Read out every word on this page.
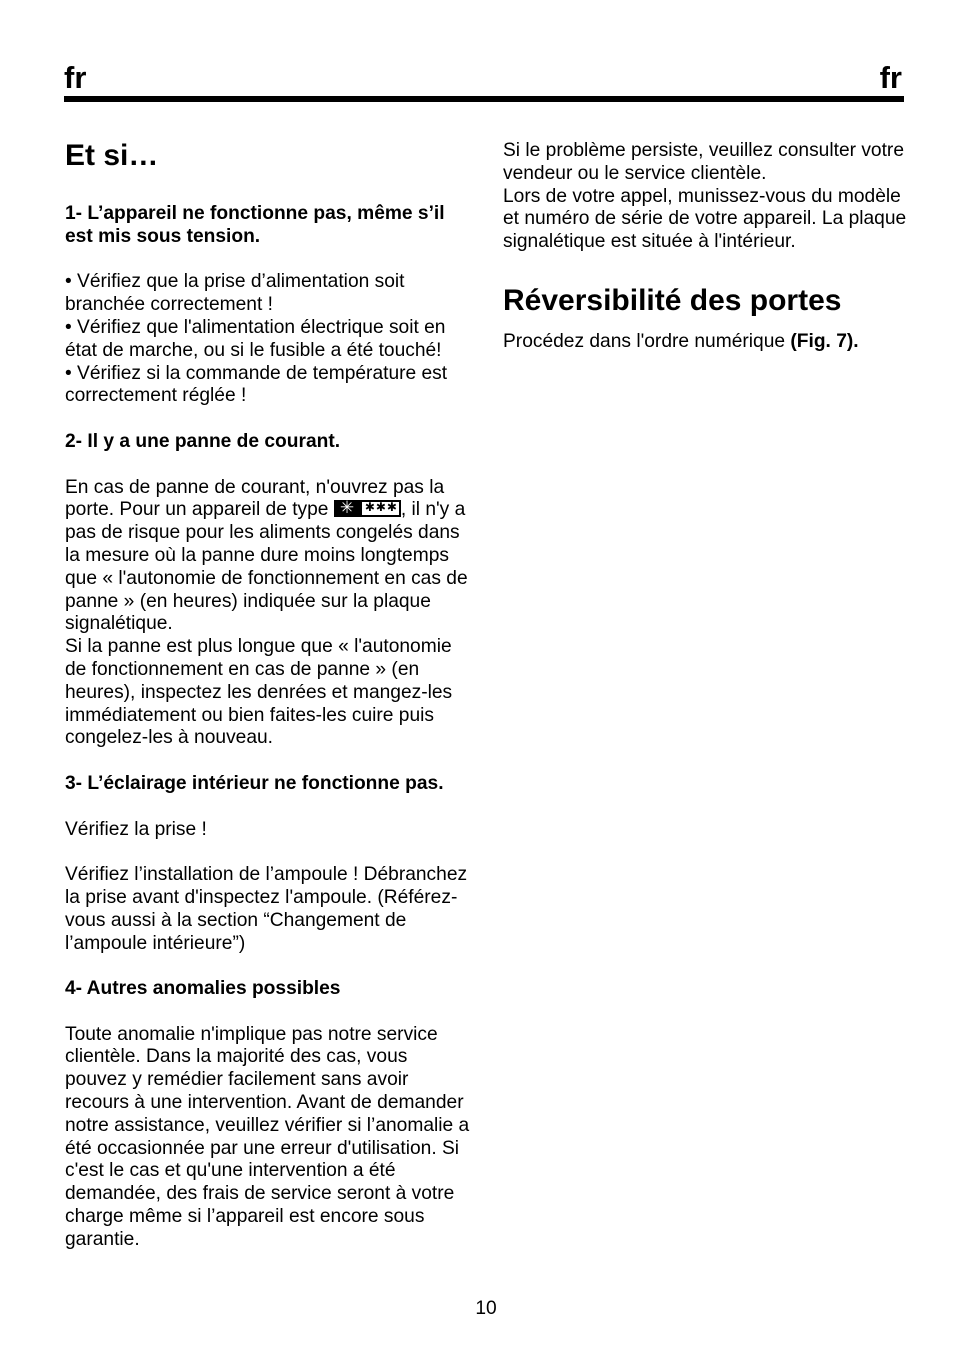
fr	fr
Et si…

1- L’appareil ne fonctionne pas, même s’il est mis sous tension.

• Vérifiez que la prise d’alimentation soit branchée correctement !

• Vérifiez que l'alimentation électrique soit en état de marche, ou si le fusible a été touché!

• Vérifiez si la commande de température est correctement réglée !

2- Il y a une panne de courant.

En cas de panne de courant, n'ouvrez pas la porte. Pour un appareil de type ✳ ✱✱✱ , il n'y a pas de risque pour les aliments congelés dans la mesure où la panne dure moins longtemps que « l'autonomie de fonctionnement en cas de panne » (en heures) indiquée sur la plaque signalétique.

Si la panne est plus longue que « l'autonomie de fonctionnement en cas de panne » (en heures), inspectez les denrées et mangez-les immédiatement ou bien faites-les cuire puis congelez-les à nouveau.

3- L’éclairage intérieur ne fonctionne pas.

Vérifiez la prise !

Vérifiez l’installation de l’ampoule ! Débranchez la prise avant d'inspectez l'ampoule. (Référez-vous aussi à la section “Changement de l’ampoule intérieure”)

4- Autres anomalies possibles

Toute anomalie n'implique pas notre service clientèle. Dans la majorité des cas, vous pouvez y remédier facilement sans avoir recours à une intervention. Avant de demander notre assistance, veuillez vérifier si l’anomalie a été occasionnée par une erreur d'utilisation. Si c'est le cas et qu'une intervention a été demandée, des frais de service seront à votre charge même si l’appareil est encore sous garantie.

Si le problème persiste, veuillez consulter votre vendeur ou le service clientèle.

Lors de votre appel, munissez-vous du modèle et numéro de série de votre appareil. La plaque signalétique est située à l'intérieur.

Réversibilité des portes

Procédez dans l'ordre numérique (Fig. 7).

10
